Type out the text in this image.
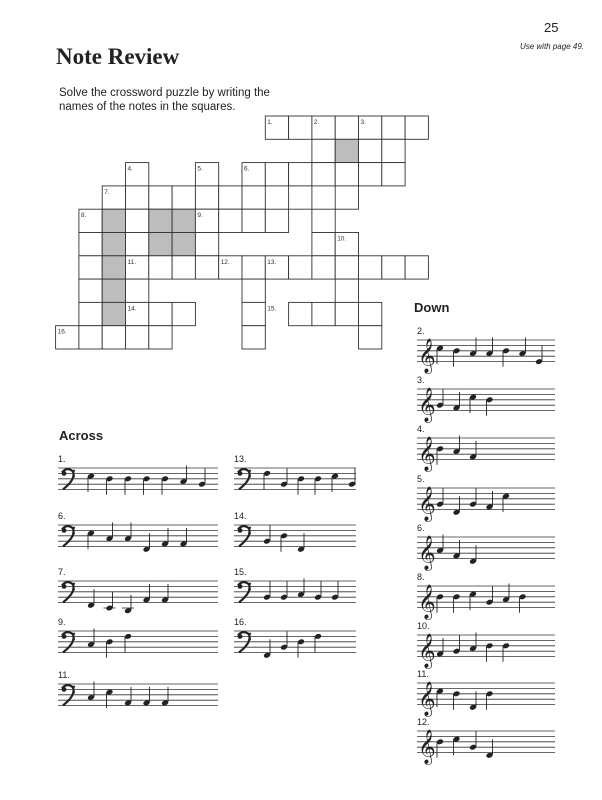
25
Use with page 49.
Note Review
Solve the crossword puzzle by writing the names of the notes in the squares.
1.	2.	3.
4.	5.	6.
7.
8.	9.
10.
11.	12.	13.
14.	15.
16.
Down
Across
1.
6.
7.
9.
11.
13.
14.
15.
16.
2.
𝄞
3.
𝄞
4.
𝄞
5.
𝄞
6.
𝄞
8.
𝄞
10.
𝄞
11.
𝄞
12.
𝄞
